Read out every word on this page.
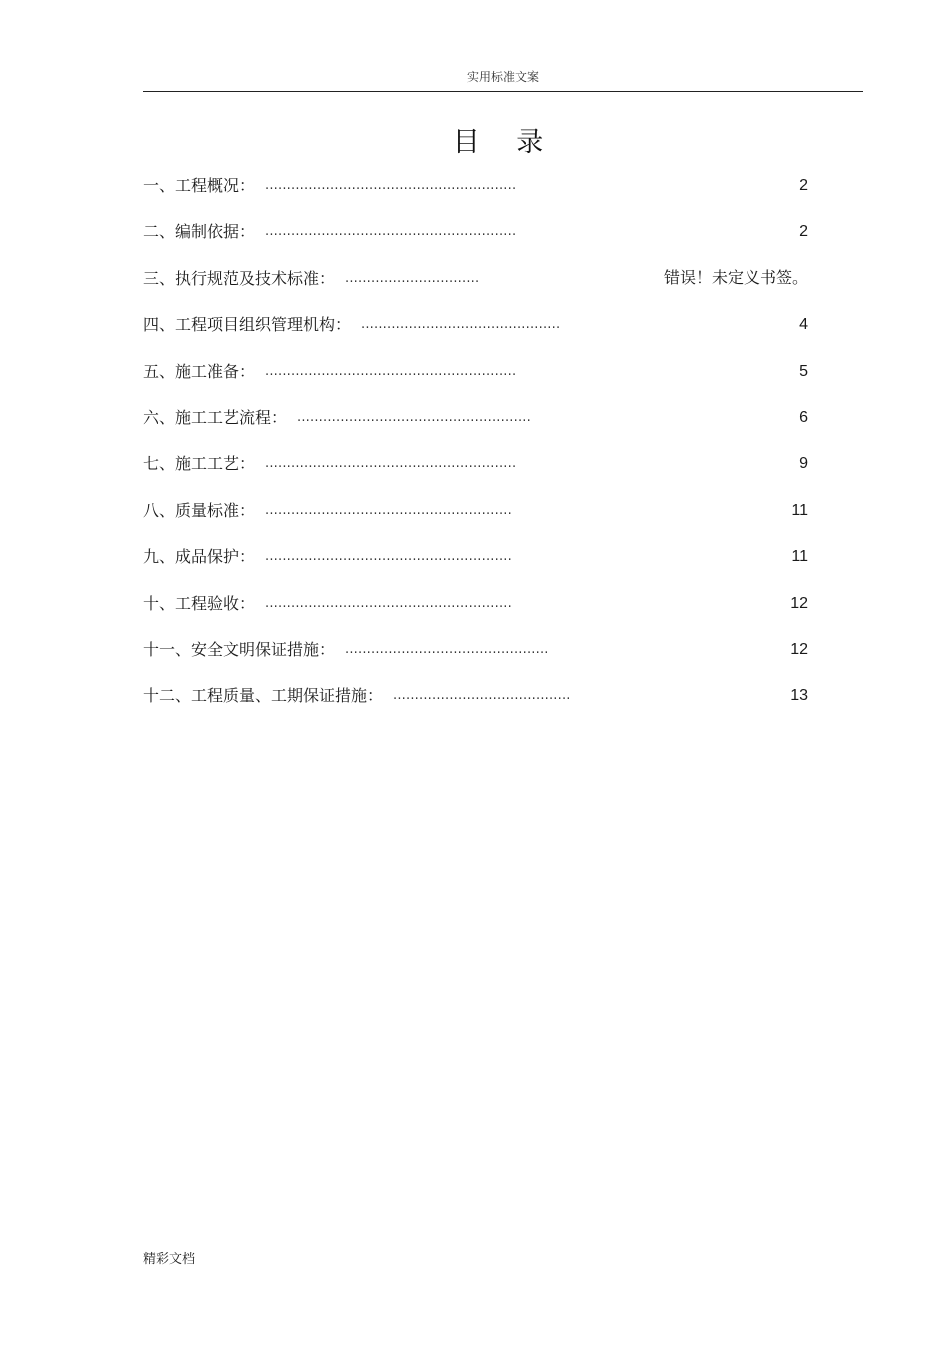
实用标准文案
目 录
一、工程概况： ..........................................................	2
二、编制依据： ..........................................................	2
三、执行规范及技术标准： ...............................	错误！未定义书签。
四、工程项目组织管理机构： ..............................................	4
五、施工准备： ..........................................................	5
六、施工工艺流程： ......................................................	6
七、施工工艺： ..........................................................	9
八、质量标准： .........................................................	11
九、成品保护： .........................................................	11
十、工程验收： .........................................................	12
十一、安全文明保证措施： ...............................................	12
十二、工程质量、工期保证措施： .........................................	13
精彩文档
